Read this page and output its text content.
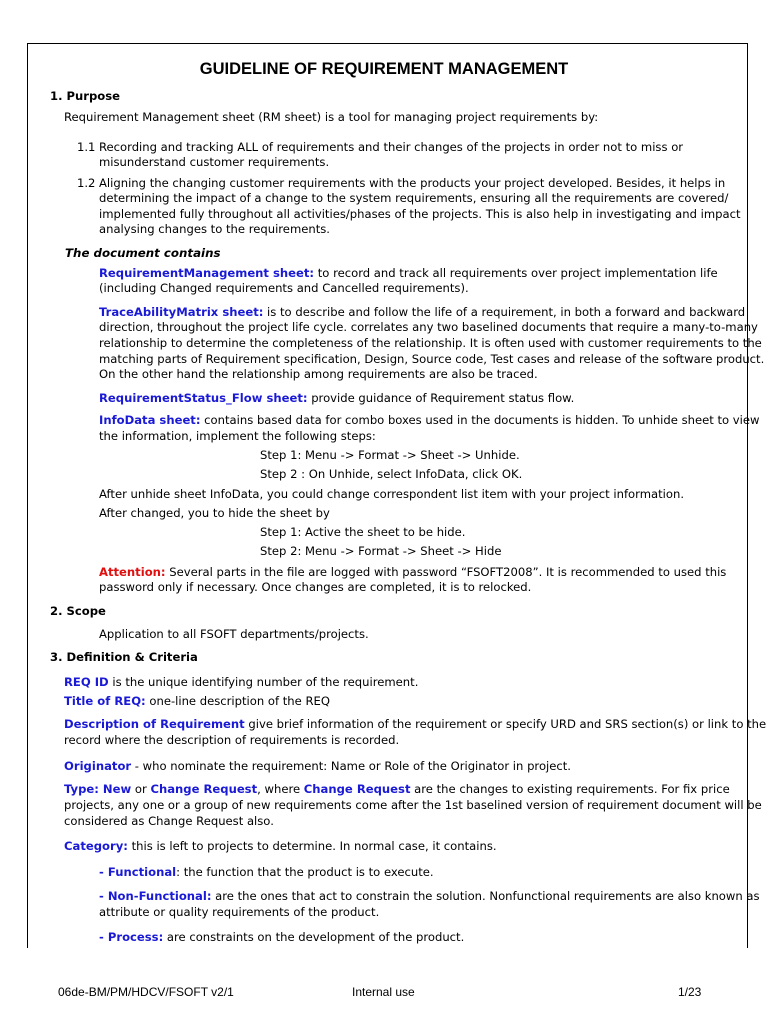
GUIDELINE OF REQUIREMENT MANAGEMENT
1. Purpose
Requirement Management sheet (RM sheet) is a tool for managing project requirements by:
1.1 Recording and tracking ALL of requirements and their changes of the projects in order not to miss or
misunderstand customer requirements.
1.2 Aligning the changing customer requirements with the products your project developed. Besides, it helps in
determining the impact of a change to the system requirements, ensuring all the requirements are covered/
implemented fully throughout all activities/phases of the projects. This is also help in investigating and impact
analysing changes to the requirements.
The document contains
RequirementManagement sheet: to record and track all requirements over project implementation life
(including Changed requirements and Cancelled requirements).
TraceAbilityMatrix sheet: is to describe and follow the life of a requirement, in both a forward and backward
direction, throughout the project life cycle. correlates any two baselined documents that require a many-to-many
relationship to determine the completeness of the relationship. It is often used with customer requirements to the
matching parts of Requirement specification, Design, Source code, Test cases and release of the software product.
On the other hand the relationship among requirements are also be traced.
RequirementStatus_Flow sheet: provide guidance of Requirement status flow.
InfoData sheet: contains based data for combo boxes used in the documents is hidden. To unhide sheet to view
the information, implement the following steps:
Step 1: Menu -> Format -> Sheet -> Unhide.
Step 2 : On Unhide, select InfoData, click OK.
After unhide sheet InfoData, you could change correspondent list item with your project information.
After changed, you to hide the sheet by
Step 1: Active the sheet to be hide.
Step 2: Menu -> Format -> Sheet -> Hide
Attention: Several parts in the file are logged with password “FSOFT2008”. It is recommended to used this
password only if necessary. Once changes are completed, it is to relocked.
2. Scope
Application to all FSOFT departments/projects.
3. Definition & Criteria
REQ ID is the unique identifying number of the requirement.
Title of REQ: one-line description of the REQ
Description of Requirement give brief information of the requirement or specify URD and SRS section(s) or link to the
record where the description of requirements is recorded.
Originator - who nominate the requirement: Name or Role of the Originator in project.
Type: New or Change Request, where Change Request are the changes to existing requirements. For fix price
projects, any one or a group of new requirements come after the 1st baselined version of requirement document will be
considered as Change Request also.
Category: this is left to projects to determine. In normal case, it contains.
- Functional: the function that the product is to execute.
- Non-Functional: are the ones that act to constrain the solution. Nonfunctional requirements are also known as
attribute or quality requirements of the product.
- Process: are constraints on the development of the product.
06de-BM/PM/HDCV/FSOFT v2/1	Internal use	1/23
